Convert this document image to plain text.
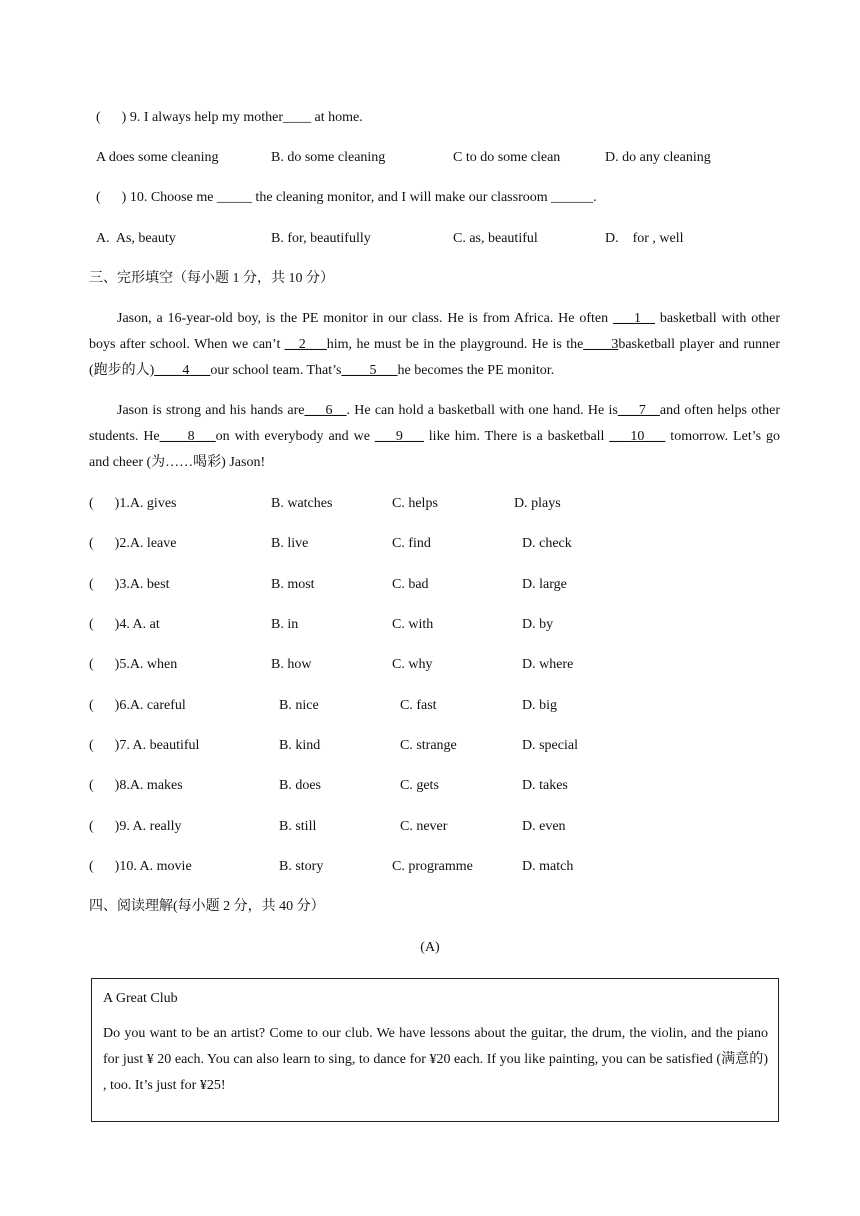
(      ) 9. I always help my mother____ at home.
A does some cleaning	B. do some cleaning	C to do some clean	D. do any cleaning
(      ) 10. Choose me _____ the cleaning monitor, and I will make our classroom ______.
A.  As, beauty	B. for, beautifully	C. as, beautiful	D.    for , well
三、完形填空（每小题 1 分，共 10 分）
Jason, a 16-year-old boy, is the PE monitor in our class. He is from Africa. He often ___1__ basketball with other boys after school. When we can’t __2___him, he must be in the playground. He is the____3basketball player and runner (跑步的人)____4___our school team. That’s____5___he becomes the PE monitor.
Jason is strong and his hands are___6__. He can hold a basketball with one hand. He is___7__and often helps other students. He____8___on with everybody and we ___9___ like him. There is a basketball ___10___ tomorrow. Let’s go and cheer (为……喝彩) Jason!
(      )1.A. gives	B. watches	C. helps	D. plays
(      )2.A. leave	B. live	C. find	D. check
(      )3.A. best	B. most	C. bad	D. large
(      )4. A. at	B. in	C. with	D. by
(      )5.A. when	B. how	C. why	D. where
(      )6.A. careful	B. nice	C. fast	D. big
(      )7. A. beautiful	B. kind	C. strange	D. special
(      )8.A. makes	B. does	C. gets	D. takes
(      )9. A. really	B. still	C. never	D. even
(      )10. A. movie	B. story	C. programme	D. match
四、阅读理解(每小题 2 分，共 40 分）
(A)
A Great Club
Do you want to be an artist? Come to our club. We have lessons about the guitar, the drum, the violin, and the piano for just ¥ 20 each. You can also learn to sing, to dance for ¥20 each. If you like painting, you can be satisfied (满意的) , too. It’s just for ¥25!
